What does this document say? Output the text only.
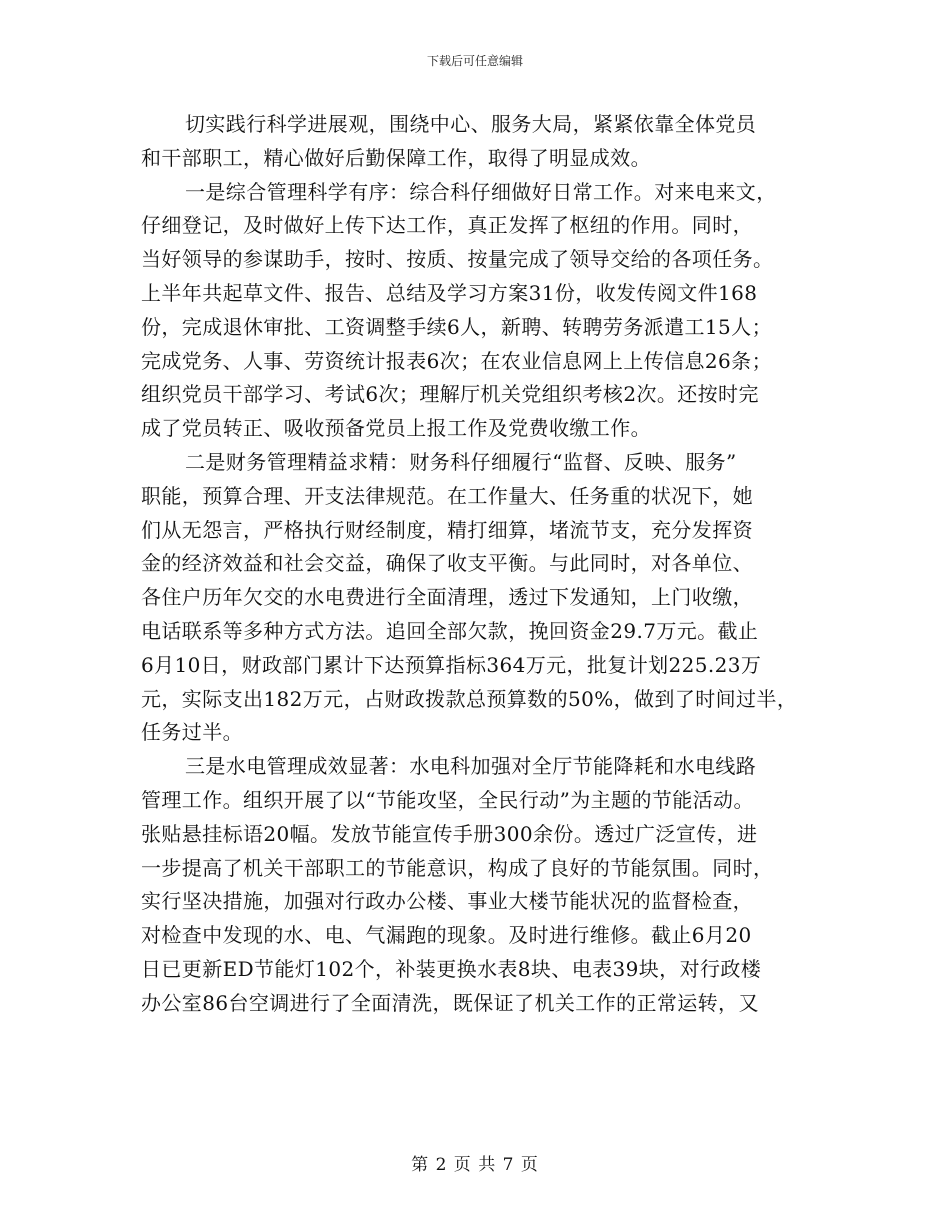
下载后可任意编辑
切实践行科学进展观，围绕中心、服务大局，紧紧依靠全体党员
和干部职工，精心做好后勤保障工作，取得了明显成效。
一是综合管理科学有序：综合科仔细做好日常工作。对来电来文，
仔细登记，及时做好上传下达工作，真正发挥了枢纽的作用。同时，
当好领导的参谋助手，按时、按质、按量完成了领导交给的各项任务。
上半年共起草文件、报告、总结及学习方案31份，收发传阅文件168
份，完成退休审批、工资调整手续6人，新聘、转聘劳务派遣工15人；
完成党务、人事、劳资统计报表6次；在农业信息网上上传信息26条；
组织党员干部学习、考试6次；理解厅机关党组织考核2次。还按时完
成了党员转正、吸收预备党员上报工作及党费收缴工作。
二是财务管理精益求精：财务科仔细履行“监督、反映、服务”
职能，预算合理、开支法律规范。在工作量大、任务重的状况下，她
们从无怨言，严格执行财经制度，精打细算，堵流节支，充分发挥资
金的经济效益和社会交益，确保了收支平衡。与此同时，对各单位、
各住户历年欠交的水电费进行全面清理，透过下发通知，上门收缴，
电话联系等多种方式方法。追回全部欠款，挽回资金29.7万元。截止
6月10日，财政部门累计下达预算指标364万元，批复计划225.23万
元，实际支出182万元，占财政拨款总预算数的50%，做到了时间过半，
任务过半。
三是水电管理成效显著：水电科加强对全厅节能降耗和水电线路
管理工作。组织开展了以“节能攻坚，全民行动”为主题的节能活动。
张贴悬挂标语20幅。发放节能宣传手册300余份。透过广泛宣传，进
一步提高了机关干部职工的节能意识，构成了良好的节能氛围。同时，
实行坚决措施，加强对行政办公楼、事业大楼节能状况的监督检查，
对检查中发现的水、电、气漏跑的现象。及时进行维修。截止6月20
日已更新ED节能灯102个，补装更换水表8块、电表39块，对行政楼
办公室86台空调进行了全面清洗，既保证了机关工作的正常运转，又
第 2 页 共 7 页
